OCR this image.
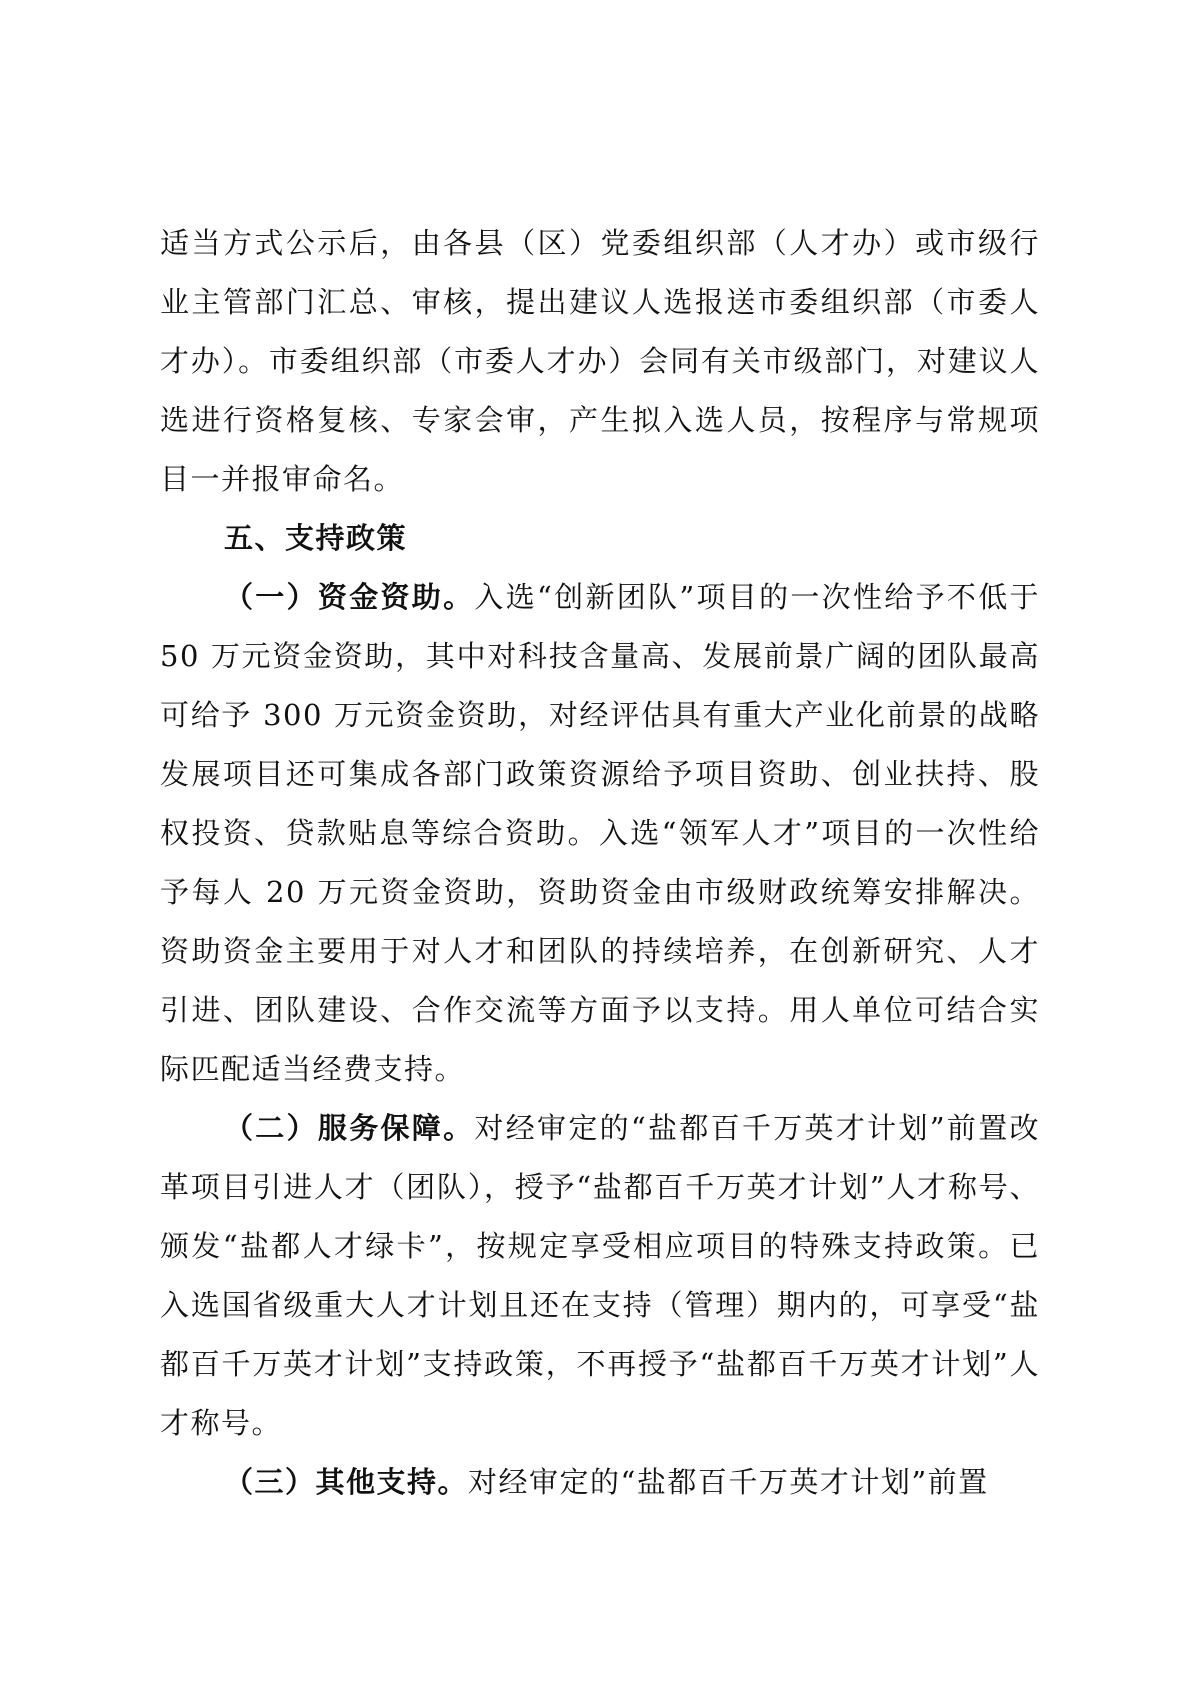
适当方式公示后，由各县（区）党委组织部（人才办）或市级行业主管部门汇总、审核，提出建议人选报送市委组织部（市委人才办）。市委组织部（市委人才办）会同有关市级部门，对建议人选进行资格复核、专家会审，产生拟入选人员，按程序与常规项目一并报审命名。

五、支持政策

（一）资金资助。入选“创新团队”项目的一次性给予不低于 50 万元资金资助，其中对科技含量高、发展前景广阔的团队最高可给予 300 万元资金资助，对经评估具有重大产业化前景的战略发展项目还可集成各部门政策资源给予项目资助、创业扶持、股权投资、贷款贴息等综合资助。入选“领军人才”项目的一次性给予每人 20 万元资金资助，资助资金由市级财政统筹安排解决。资助资金主要用于对人才和团队的持续培养，在创新研究、人才引进、团队建设、合作交流等方面予以支持。用人单位可结合实际匹配适当经费支持。

（二）服务保障。对经审定的“盐都百千万英才计划”前置改革项目引进人才（团队），授予“盐都百千万英才计划”人才称号、颁发“盐都人才绿卡”，按规定享受相应项目的特殊支持政策。已入选国省级重大人才计划且还在支持（管理）期内的，可享受“盐都百千万英才计划”支持政策，不再授予“盐都百千万英才计划”人才称号。

（三）其他支持。对经审定的“盐都百千万英才计划”前置
